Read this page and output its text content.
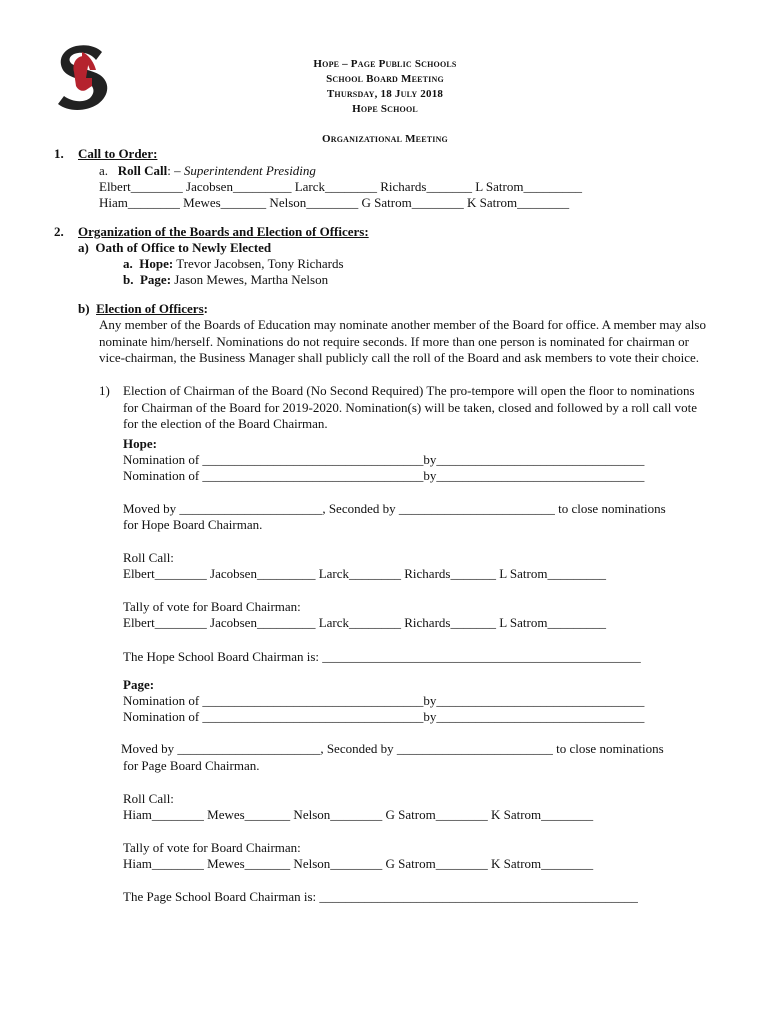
Hope – Page Public Schools
School Board Meeting
Thursday, 18 July 2018
Hope School
Organizational Meeting
1. Call to Order:
a. Roll Call: – Superintendent Presiding
Elbert________ Jacobsen_________ Larck________ Richards_______ L Satrom_________
Hiam________ Mewes_______ Nelson________ G Satrom________ K Satrom________
2. Organization of the Boards and Election of Officers:
a) Oath of Office to Newly Elected
a. Hope: Trevor Jacobsen, Tony Richards
b. Page: Jason Mewes, Martha Nelson
b) Election of Officers:
Any member of the Boards of Education may nominate another member of the Board for office. A member may also nominate him/herself. Nominations do not require seconds. If more than one person is nominated for chairman or vice-chairman, the Business Manager shall publicly call the roll of the Board and ask members to vote their choice.
1) Election of Chairman of the Board (No Second Required) The pro-tempore will open the floor to nominations for Chairman of the Board for 2019-2020. Nomination(s) will be taken, closed and followed by a roll call vote for the election of the Board Chairman.
Hope:
Nomination of __________________________________by________________________________
Nomination of __________________________________by________________________________
Moved by ______________________, Seconded by ________________________ to close nominations
for Hope Board Chairman.
Roll Call:
Elbert________ Jacobsen_________ Larck________ Richards_______ L Satrom_________
Tally of vote for Board Chairman:
Elbert________ Jacobsen_________ Larck________ Richards_______ L Satrom_________
The Hope School Board Chairman is: _________________________________________________
Page:
Nomination of __________________________________by________________________________
Nomination of __________________________________by________________________________
Moved by ______________________, Seconded by ________________________ to close nominations
for Page Board Chairman.
Roll Call:
Hiam________ Mewes_______ Nelson________ G Satrom________ K Satrom________
Tally of vote for Board Chairman:
Hiam________ Mewes_______ Nelson________ G Satrom________ K Satrom________
The Page School Board Chairman is: _________________________________________________
